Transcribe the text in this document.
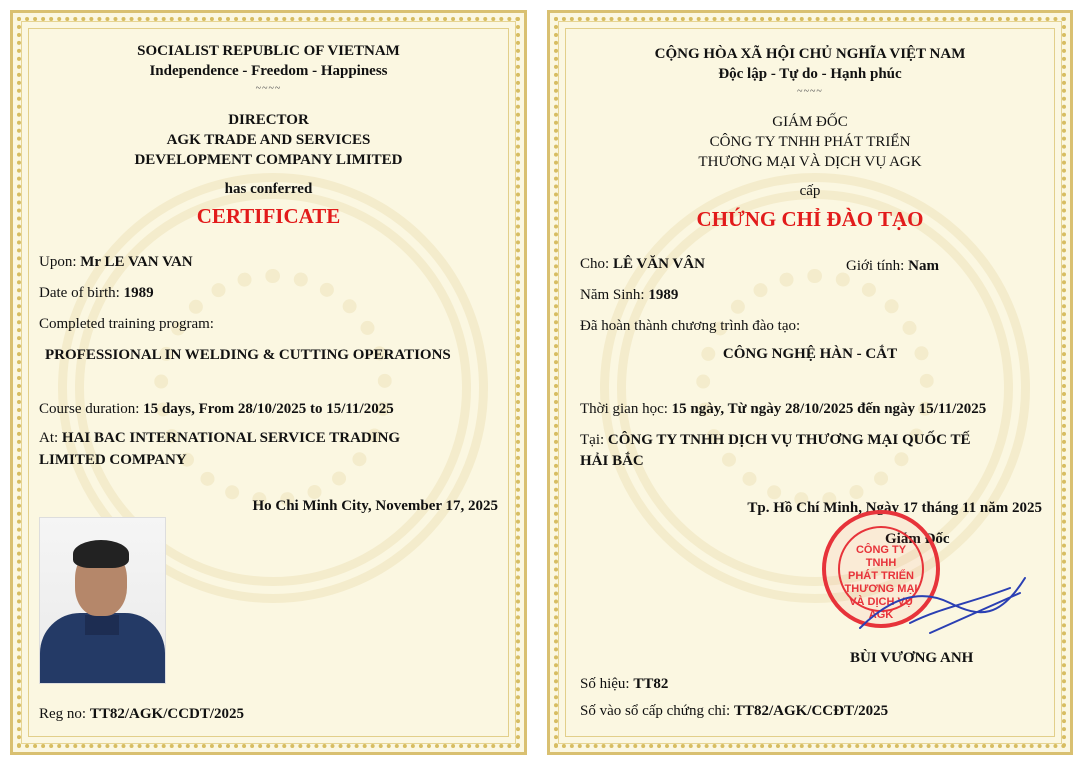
SOCIALIST REPUBLIC OF VIETNAM
Independence - Freedom - Happiness
~~~~
DIRECTOR
AGK TRADE AND SERVICES
DEVELOPMENT COMPANY LIMITED
has conferred
CERTIFICATE
Upon: Mr LE VAN VAN
Date of birth: 1989
Completed training program:
PROFESSIONAL IN WELDING & CUTTING OPERATIONS
Course duration: 15 days, From 28/10/2025 to 15/11/2025
At: HAI BAC INTERNATIONAL SERVICE TRADING
LIMITED COMPANY
Ho Chi Minh City, November 17, 2025
Reg no: TT82/AGK/CCDT/2025
CỘNG HÒA XÃ HỘI CHỦ NGHĨA VIỆT NAM
Độc lập - Tự do - Hạnh phúc
~~~~
GIÁM ĐỐC
CÔNG TY TNHH PHÁT TRIỂN
THƯƠNG MẠI VÀ DỊCH VỤ AGK
cấp
CHỨNG CHỈ ĐÀO TẠO
Cho: LÊ VĂN VÂN	Giới tính: Nam
Năm Sinh: 1989
Đã hoàn thành chương trình đào tạo:
CÔNG NGHỆ HÀN - CẮT
Thời gian học: 15 ngày, Từ ngày 28/10/2025 đến ngày 15/11/2025
Tại: CÔNG TY TNHH DỊCH VỤ THƯƠNG MẠI QUỐC TẾ
HẢI BẮC
Tp. Hồ Chí Minh, Ngày 17 tháng 11 năm 2025
Giám Đốc
CÔNG TY
TNHH
PHÁT TRIỂN
THƯƠNG MẠI
VÀ DỊCH VỤ
AGK
BÙI VƯƠNG ANH
Số hiệu: TT82
Số vào sổ cấp chứng chỉ: TT82/AGK/CCĐT/2025
